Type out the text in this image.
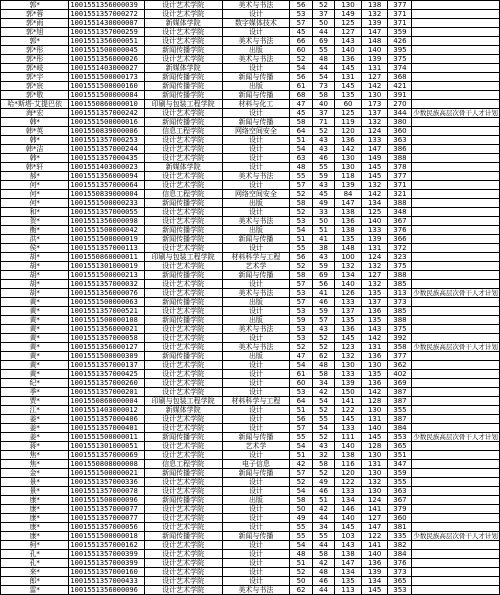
郭*	1001551356000039	设计艺术学院	美术与书法	56	52	130	138	377	
郭*蓉	1001551357000272	设计艺术学院	设计	53	37	149	132	371	
郭*雨	1001551430000007	新媒体学院	数字媒体技术	57	50	125	139	371	
郭*旭	1001551357000259	设计艺术学院	设计	45	44	127	147	359	
郭*	1001551356000051	设计艺术学院	美术与书法	66	69	143	148	426	
郭*彤	1001551500000045	新闻传播学院	出版	60	55	140	140	395	
郭*彤	1001551356000026	设计艺术学院	美术与书法	52	48	136	139	375	
郭*岐	1001551403000027	新媒体学院	设计	54	44	145	131	374	
郭*宇	1001551500000173	新闻传播学院	新闻与传播	56	54	131	127	368	
郭*宸	1001551500000160	新闻传播学院	出版	61	73	145	142	421	
郭*敬	1001551500000084	新闻传播学院	新闻与传播	68	58	135	130	391	
哈*斯塔·艾提巴依	1001550860000010	印刷与包装工程学院	材料与化工	47	40	60	173	270	
海*宏	1001551357000242	设计艺术学院	设计	45	37	125	137	344	少数民族高层次骨干人才计划
韩*	1001551500000016	新闻传播学院	新闻与传播	58	71	119	132	380	
韩*英	1001550839000006	信息工程学院	网络空间安全	64	52	120	124	360	
韩*	1001551357000253	设计艺术学院	设计	51	43	136	133	363	
韩*洁	1001551357000244	设计艺术学院	设计	54	43	142	147	386	
韩*	1001551357000435	设计艺术学院	设计	63	46	130	149	388	
韩*轩	1001551403000023	新媒体学院	设计	48	55	130	145	378	
郝*	1001551356000094	设计艺术学院	美术与书法	55	59	118	145	377	
何*	1001551357000064	设计艺术学院	设计	57	43	139	132	371	
何*	1001550839000004	信息工程学院	网络空间安全	52	45	84	142	321	
何*	1001551500000233	新闻传播学院	出版	58	49	147	134	388	
和*	1001551357000055	设计艺术学院	设计	52	33	138	125	348	
贺*	1001551356000098	设计艺术学院	美术与书法	53	50	136	140	367	
衡*	1001551500000042	新闻传播学院	出版	54	51	138	133	376	
洪*	1001551500000019	新闻传播学院	新闻与传播	51	41	135	139	366	
侯*	1001551357000113	设计艺术学院	设计	55	38	148	131	372	
胡*	1001550860000011	印刷与包装工程学院	材料科学与工程	56	43	100	124	323	
胡*	1001551301000019	设计艺术学院	艺术学	52	59	132	132	375	
胡*	1001551500000213	新闻传播学院	新闻与传播	58	69	134	127	388	
胡*	1001551357000032	设计艺术学院	设计	57	56	140	132	385	
胡*	1001551356000076	设计艺术学院	美术与书法	53	41	126	135	313	少数民族高层次骨干人才计划
黄*	1001551500000063	新闻传播学院	出版	57	46	133	137	373	
黄*	1001551357000521	设计艺术学院	设计	53	59	137	136	385	
黄*	1001551500000108	新闻传播学院	出版	59	57	135	135	388	
黄*	1001551356000021	设计艺术学院	美术与书法	53	43	136	143	375	
黄*	1001551357000058	设计艺术学院	设计	53	52	145	142	392	
黄*	1001551356000127	设计艺术学院	美术与书法	52	52	123	131	358	少数民族高层次骨干人才计划
黄*	1001551500000309	新闻传播学院	出版	47	62	132	136	377	
黄*	1001551357000137	设计艺术学院	设计	54	48	130	130	362	
黄*	1001551357000425	设计艺术学院	设计	61	58	133	135	402	
纪*	1001551357000260	设计艺术学院	设计	60	34	139	136	369	
季*	1001551357000201	设计艺术学院	设计	53	42	150	142	387	
贾*	1001550860000004	印刷与包装工程学院	材料科学与工程	64	54	141	128	387	
江*	1001551403000012	新媒体学院	设计	51	52	122	130	355	
姜*	1001551357000406	设计艺术学院	设计	56	55	145	131	387	
姜*	1001551357000401	设计艺术学院	设计	57	54	133	140	384	
姜*	1001551500000011	新闻传播学院	新闻与传播	55	52	111	145	353	少数民族高层次骨干人才计划
蒋*	1001551301000051	设计艺术学院	艺术学	54	43	140	128	365	
焦*	1001551357000069	设计艺术学院	设计	51	32	138	130	351	
焦*	1001550808000008	信息工程学院	电子信息	42	58	116	131	347	
金*	1001551500000021	新闻传播学院	新闻与传播	57	52	120	130	359	
景*	1001551357000336	设计艺术学院	设计	52	49	122	132	355	
景*	1001551357000078	设计艺术学院	设计	54	46	133	130	363	
康*	1001551500000096	新闻传播学院	出版	58	51	134	124	367	
康*	1001551357000077	设计艺术学院	设计	50	42	146	141	379	
康*	1001551357000077	设计艺术学院	设计	49	44	140	127	360	
康*	1001551357000056	设计艺术学院	设计	55	34	145	147	381	
康*	1001551500000018	新闻传播学院	新闻与传播	55	55	103	122	335	少数民族高层次骨干人才计划
柯*	1001551357000162	设计艺术学院	设计	54	44	143	141	382	
孔*	1001551357000399	设计艺术学院	设计	48	58	138	140	384	
孔*	1001551357000399	设计艺术学院	设计	51	42	147	136	376	
来*	1001551357000160	设计艺术学院	设计	52	48	134	139	373	
郎*	1001551357000433	设计艺术学院	设计	50	46	135	134	365	
雷*	1001551356000096	设计艺术学院	美术与书法	62	44	113	145	353	
